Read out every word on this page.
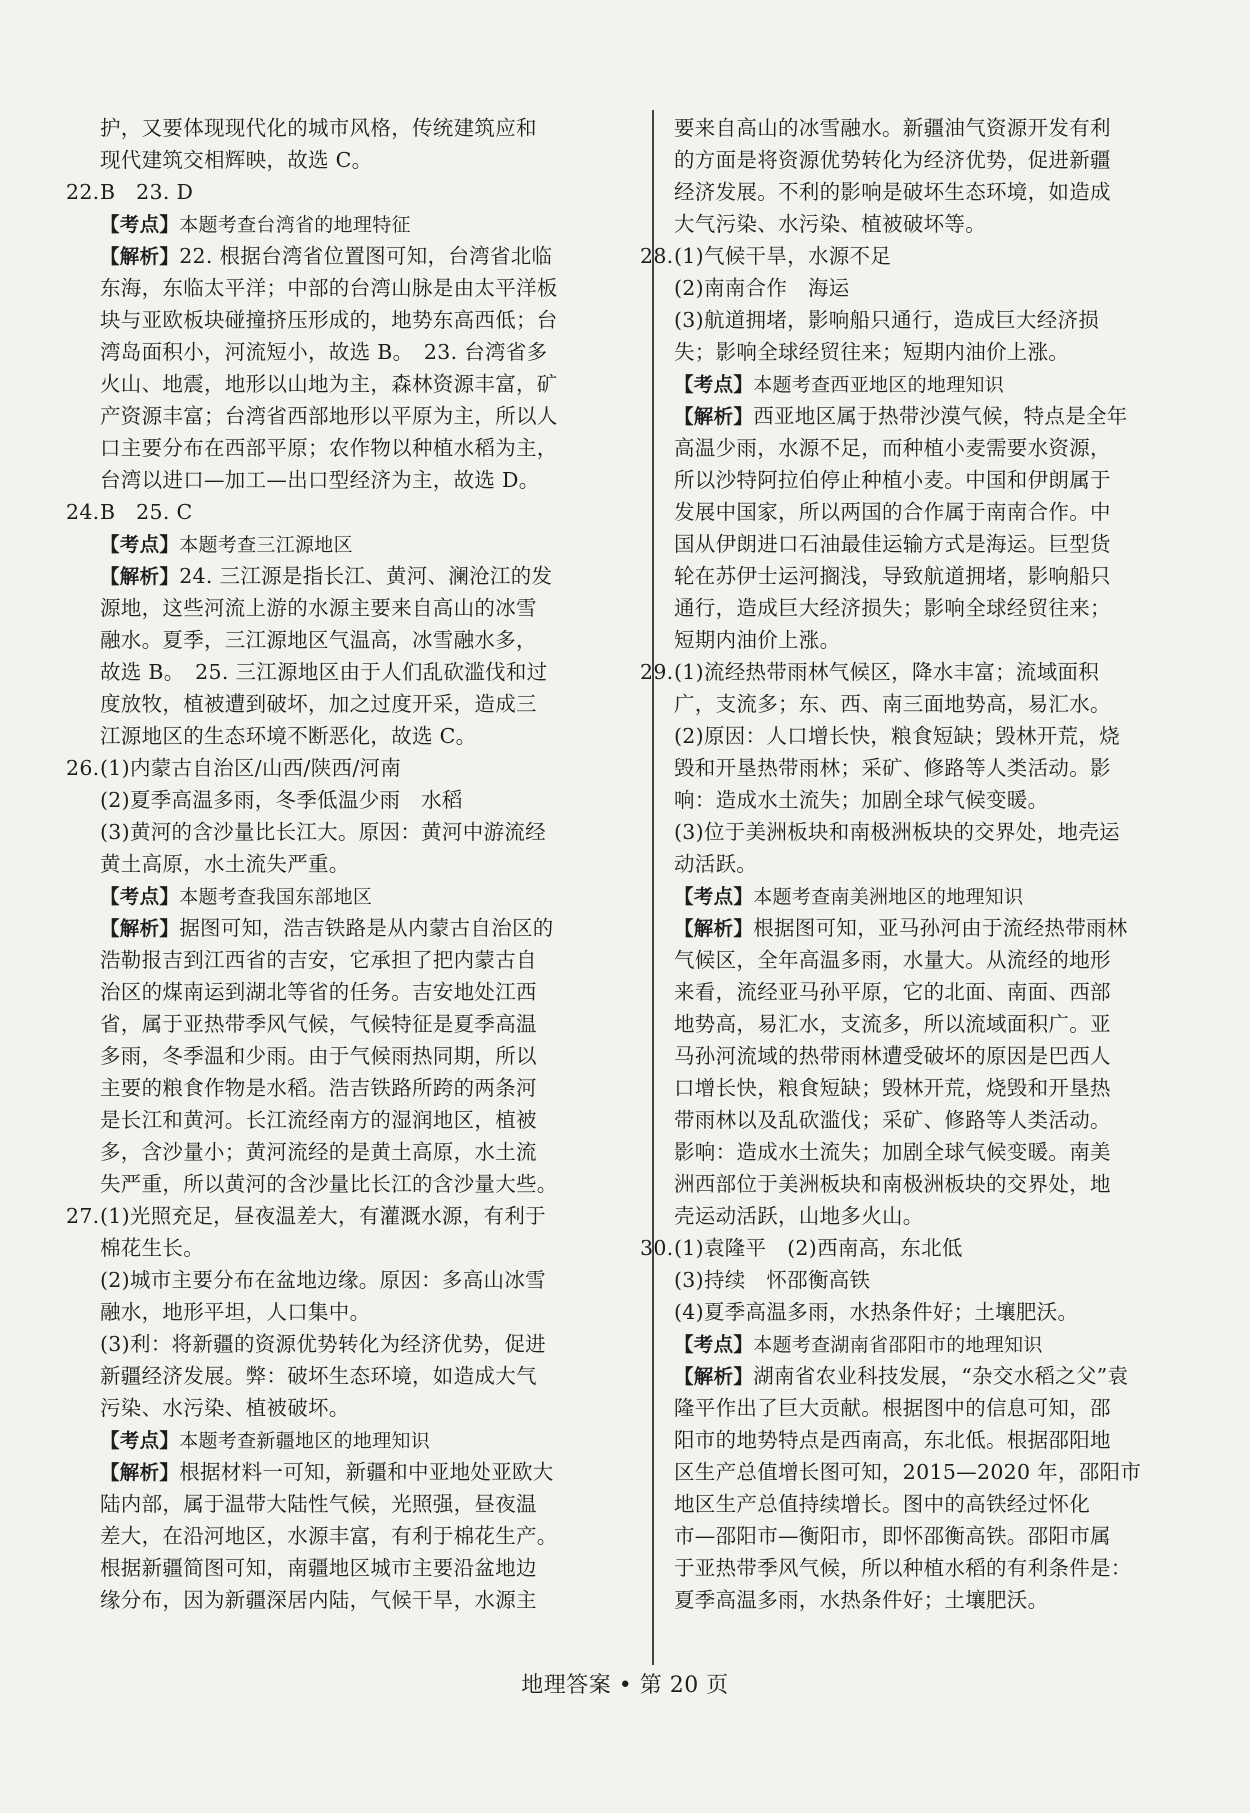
护，又要体现现代化的城市风格，传统建筑应和
现代建筑交相辉映，故选 C。
22.B　23. D
【考点】本题考查台湾省的地理特征
【解析】22. 根据台湾省位置图可知，台湾省北临
东海，东临太平洋；中部的台湾山脉是由太平洋板
块与亚欧板块碰撞挤压形成的，地势东高西低；台
湾岛面积小，河流短小，故选 B。　23. 台湾省多
火山、地震，地形以山地为主，森林资源丰富，矿
产资源丰富；台湾省西部地形以平原为主，所以人
口主要分布在西部平原；农作物以种植水稻为主，
台湾以进口—加工—出口型经济为主，故选 D。
24.B　25. C
【考点】本题考查三江源地区
【解析】24. 三江源是指长江、黄河、澜沧江的发
源地，这些河流上游的水源主要来自高山的冰雪
融水。夏季，三江源地区气温高，冰雪融水多，
故选 B。　25. 三江源地区由于人们乱砍滥伐和过
度放牧，植被遭到破坏，加之过度开采，造成三
江源地区的生态环境不断恶化，故选 C。
26.(1)内蒙古自治区/山西/陕西/河南
(2)夏季高温多雨，冬季低温少雨　水稻
(3)黄河的含沙量比长江大。原因：黄河中游流经
黄土高原，水土流失严重。
【考点】本题考查我国东部地区
【解析】据图可知，浩吉铁路是从内蒙古自治区的
浩勒报吉到江西省的吉安，它承担了把内蒙古自
治区的煤南运到湖北等省的任务。吉安地处江西
省，属于亚热带季风气候，气候特征是夏季高温
多雨，冬季温和少雨。由于气候雨热同期，所以
主要的粮食作物是水稻。浩吉铁路所跨的两条河
是长江和黄河。长江流经南方的湿润地区，植被
多，含沙量小；黄河流经的是黄土高原，水土流
失严重，所以黄河的含沙量比长江的含沙量大些。
27.(1)光照充足，昼夜温差大，有灌溉水源，有利于
棉花生长。
(2)城市主要分布在盆地边缘。原因：多高山冰雪
融水，地形平坦，人口集中。
(3)利：将新疆的资源优势转化为经济优势，促进
新疆经济发展。弊：破坏生态环境，如造成大气
污染、水污染、植被破坏。
【考点】本题考查新疆地区的地理知识
【解析】根据材料一可知，新疆和中亚地处亚欧大
陆内部，属于温带大陆性气候，光照强，昼夜温
差大，在沿河地区，水源丰富，有利于棉花生产。
根据新疆简图可知，南疆地区城市主要沿盆地边
缘分布，因为新疆深居内陆，气候干旱，水源主
要来自高山的冰雪融水。新疆油气资源开发有利
的方面是将资源优势转化为经济优势，促进新疆
经济发展。不利的影响是破坏生态环境，如造成
大气污染、水污染、植被破坏等。
28.(1)气候干旱，水源不足
(2)南南合作　海运
(3)航道拥堵，影响船只通行，造成巨大经济损
失；影响全球经贸往来；短期内油价上涨。
【考点】本题考查西亚地区的地理知识
【解析】西亚地区属于热带沙漠气候，特点是全年
高温少雨，水源不足，而种植小麦需要水资源，
所以沙特阿拉伯停止种植小麦。中国和伊朗属于
发展中国家，所以两国的合作属于南南合作。中
国从伊朗进口石油最佳运输方式是海运。巨型货
轮在苏伊士运河搁浅，导致航道拥堵，影响船只
通行，造成巨大经济损失；影响全球经贸往来；
短期内油价上涨。
29.(1)流经热带雨林气候区，降水丰富；流域面积
广，支流多；东、西、南三面地势高，易汇水。
(2)原因：人口增长快，粮食短缺；毁林开荒，烧
毁和开垦热带雨林；采矿、修路等人类活动。影
响：造成水土流失；加剧全球气候变暖。
(3)位于美洲板块和南极洲板块的交界处，地壳运
动活跃。
【考点】本题考查南美洲地区的地理知识
【解析】根据图可知，亚马孙河由于流经热带雨林
气候区，全年高温多雨，水量大。从流经的地形
来看，流经亚马孙平原，它的北面、南面、西部
地势高，易汇水，支流多，所以流域面积广。亚
马孙河流域的热带雨林遭受破坏的原因是巴西人
口增长快，粮食短缺；毁林开荒，烧毁和开垦热
带雨林以及乱砍滥伐；采矿、修路等人类活动。
影响：造成水土流失；加剧全球气候变暖。南美
洲西部位于美洲板块和南极洲板块的交界处，地
壳运动活跃，山地多火山。
30.(1)袁隆平　(2)西南高，东北低
(3)持续　怀邵衡高铁
(4)夏季高温多雨，水热条件好；土壤肥沃。
【考点】本题考查湖南省邵阳市的地理知识
【解析】湖南省农业科技发展，“杂交水稻之父”袁
隆平作出了巨大贡献。根据图中的信息可知，邵
阳市的地势特点是西南高，东北低。根据邵阳地
区生产总值增长图可知，2015—2020 年，邵阳市
地区生产总值持续增长。图中的高铁经过怀化
市—邵阳市—衡阳市，即怀邵衡高铁。邵阳市属
于亚热带季风气候，所以种植水稻的有利条件是：
夏季高温多雨，水热条件好；土壤肥沃。
地理答案 • 第 20 页
